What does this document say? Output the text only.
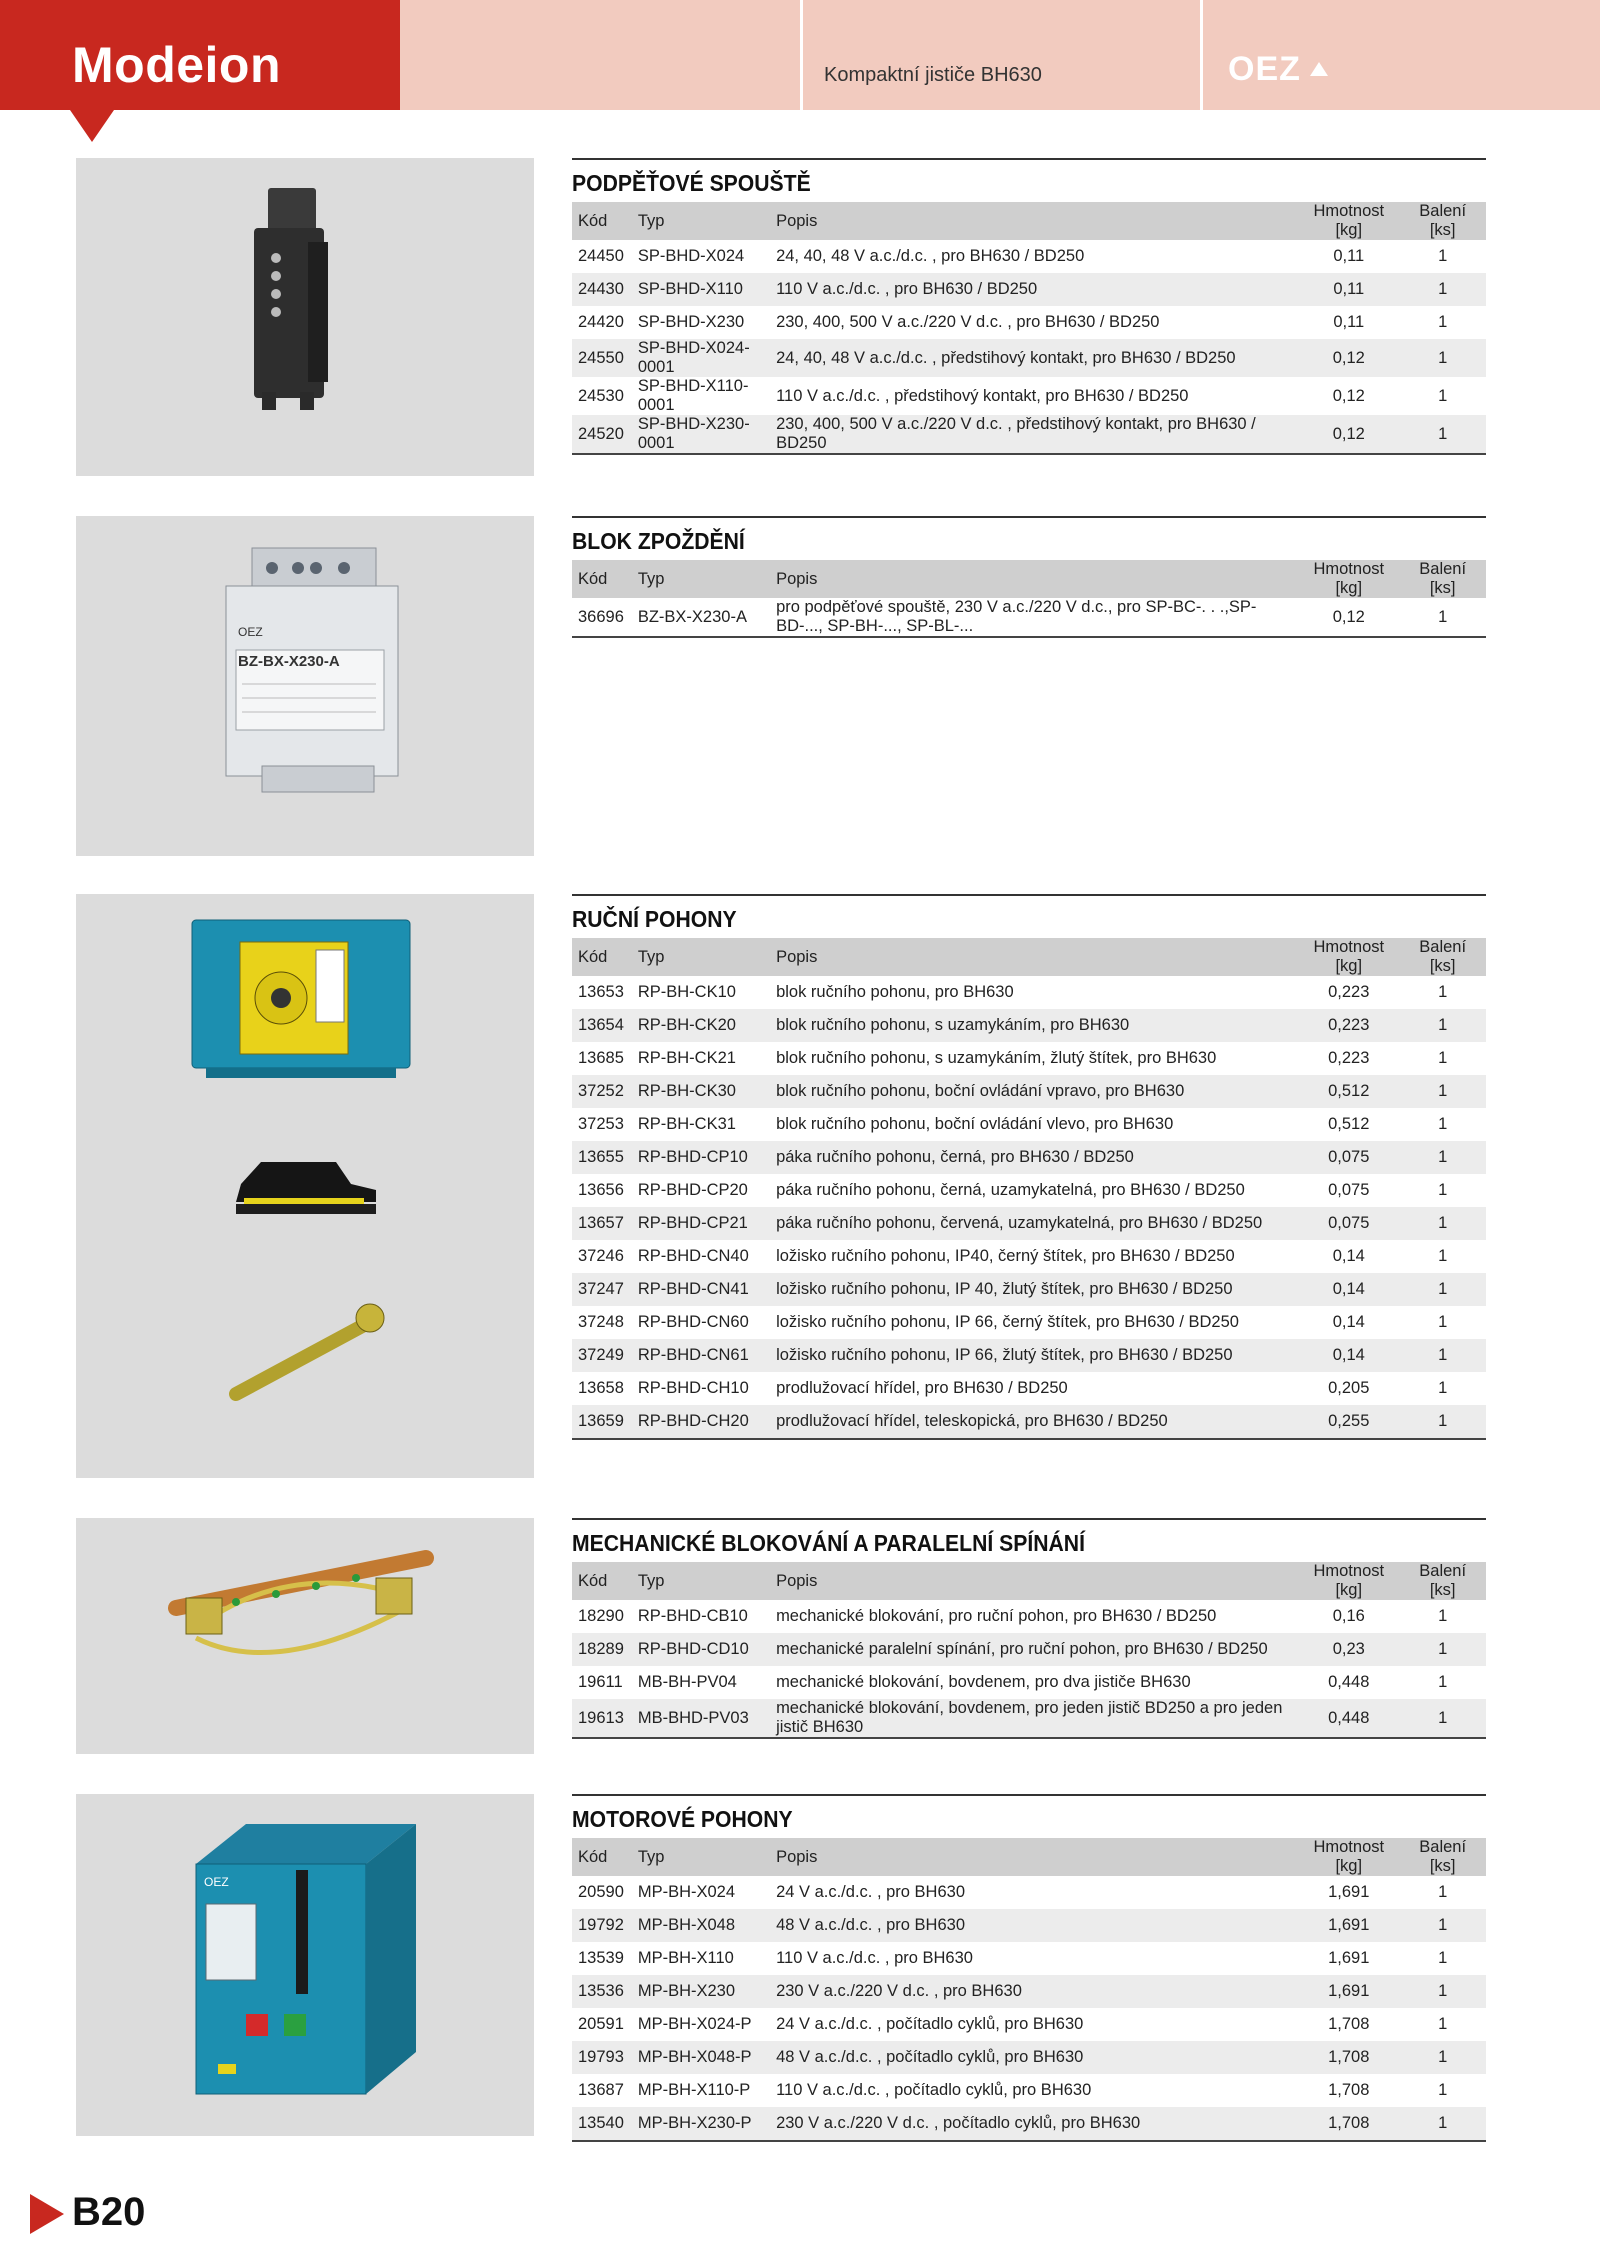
Modeion	Kompaktní jističe BH630	OEZ
PODPĚŤOVÉ SPOUŠTĚ
Kód	Typ	Popis	Hmotnost [kg]	Balení [ks]
24450	SP-BHD-X024	24, 40, 48 V a.c./d.c. , pro BH630 / BD250	0,11	1
24430	SP-BHD-X110	110 V a.c./d.c. , pro BH630 / BD250	0,11	1
24420	SP-BHD-X230	230, 400, 500 V a.c./220 V d.c. , pro BH630 / BD250	0,11	1
24550	SP-BHD-X024-0001	24, 40, 48 V a.c./d.c. , předstihový kontakt, pro BH630 / BD250	0,12	1
24530	SP-BHD-X110-0001	110 V a.c./d.c. , předstihový kontakt, pro BH630 / BD250	0,12	1
24520	SP-BHD-X230-0001	230, 400, 500 V a.c./220 V d.c. , předstihový kontakt, pro BH630 / BD250	0,12	1
OEZ
BZ-BX-X230-A
BLOK ZPOŽDĚNÍ
Kód	Typ	Popis	Hmotnost [kg]	Balení [ks]
36696	BZ-BX-X230-A	pro podpěťové spouště, 230 V a.c./220 V d.c., pro SP-BC-. . .,SP-BD-..., SP-BH-..., SP-BL-...	0,12	1
RUČNÍ POHONY
Kód	Typ	Popis	Hmotnost [kg]	Balení [ks]
13653	RP-BH-CK10	blok ručního pohonu, pro BH630	0,223	1
13654	RP-BH-CK20	blok ručního pohonu, s uzamykáním, pro BH630	0,223	1
13685	RP-BH-CK21	blok ručního pohonu, s uzamykáním, žlutý štítek, pro BH630	0,223	1
37252	RP-BH-CK30	blok ručního pohonu, boční ovládání vpravo, pro BH630	0,512	1
37253	RP-BH-CK31	blok ručního pohonu, boční ovládání vlevo, pro BH630	0,512	1
13655	RP-BHD-CP10	páka ručního pohonu, černá, pro BH630 / BD250	0,075	1
13656	RP-BHD-CP20	páka ručního pohonu, černá, uzamykatelná, pro BH630 / BD250	0,075	1
13657	RP-BHD-CP21	páka ručního pohonu, červená, uzamykatelná, pro BH630 / BD250	0,075	1
37246	RP-BHD-CN40	ložisko ručního pohonu, IP40, černý štítek, pro BH630 / BD250	0,14	1
37247	RP-BHD-CN41	ložisko ručního pohonu, IP 40, žlutý štítek, pro BH630 / BD250	0,14	1
37248	RP-BHD-CN60	ložisko ručního pohonu, IP 66, černý štítek, pro BH630 / BD250	0,14	1
37249	RP-BHD-CN61	ložisko ručního pohonu, IP 66, žlutý štítek, pro BH630 / BD250	0,14	1
13658	RP-BHD-CH10	prodlužovací hřídel, pro BH630 / BD250	0,205	1
13659	RP-BHD-CH20	prodlužovací hřídel, teleskopická, pro BH630 / BD250	0,255	1
MECHANICKÉ BLOKOVÁNÍ A PARALELNÍ SPÍNÁNÍ
Kód	Typ	Popis	Hmotnost [kg]	Balení [ks]
18290	RP-BHD-CB10	mechanické blokování, pro ruční pohon, pro BH630 / BD250	0,16	1
18289	RP-BHD-CD10	mechanické paralelní spínání, pro ruční pohon, pro BH630 / BD250	0,23	1
19611	MB-BH-PV04	mechanické blokování, bovdenem, pro dva jističe BH630	0,448	1
19613	MB-BHD-PV03	mechanické blokování, bovdenem, pro jeden jistič BD250 a pro jeden jistič BH630	0,448	1
OEZ
MOTOROVÉ POHONY
Kód	Typ	Popis	Hmotnost [kg]	Balení [ks]
20590	MP-BH-X024	24 V a.c./d.c. , pro BH630	1,691	1
19792	MP-BH-X048	48 V a.c./d.c. , pro BH630	1,691	1
13539	MP-BH-X110	110 V a.c./d.c. , pro BH630	1,691	1
13536	MP-BH-X230	230 V a.c./220 V d.c. , pro BH630	1,691	1
20591	MP-BH-X024-P	24 V a.c./d.c. , počítadlo cyklů, pro BH630	1,708	1
19793	MP-BH-X048-P	48 V a.c./d.c. , počítadlo cyklů, pro BH630	1,708	1
13687	MP-BH-X110-P	110 V a.c./d.c. , počítadlo cyklů, pro BH630	1,708	1
13540	MP-BH-X230-P	230 V a.c./220 V d.c. , počítadlo cyklů, pro BH630	1,708	1
B20
